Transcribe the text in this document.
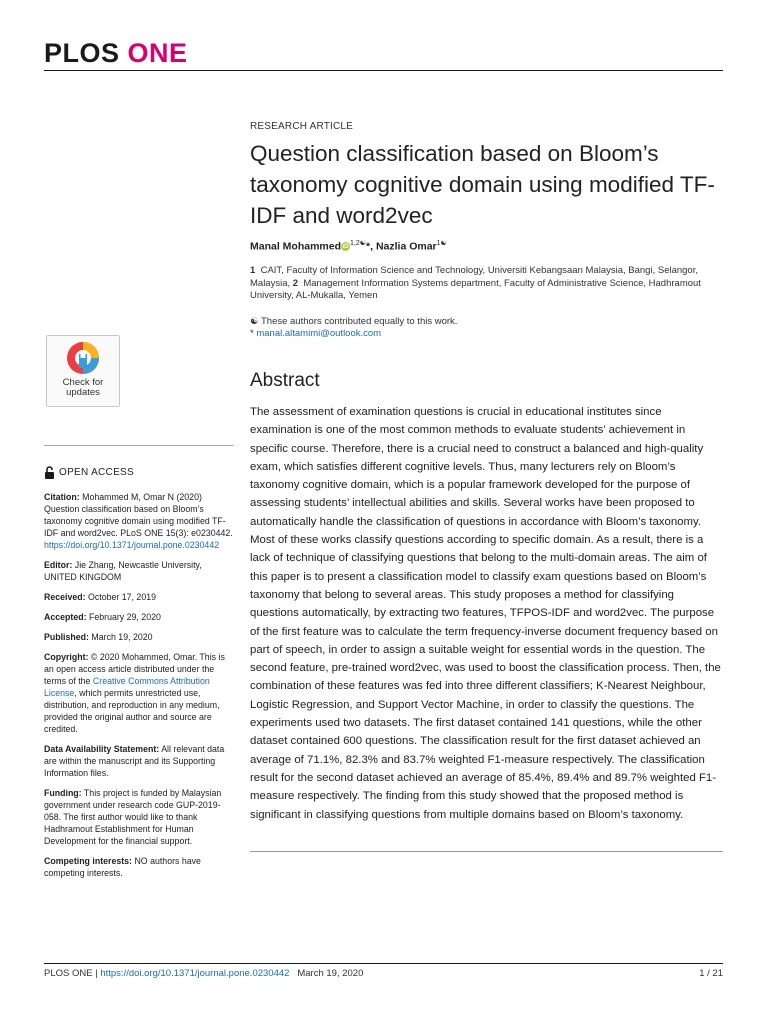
PLOS ONE
RESEARCH ARTICLE
Question classification based on Bloom’s taxonomy cognitive domain using modified TF-IDF and word2vec
Manal MohammediD$^{1,2☯}$*, Nazlia Omar$^{1☯}$
1 CAIT, Faculty of Information Science and Technology, Universiti Kebangsaan Malaysia, Bangi, Selangor, Malaysia, 2 Management Information Systems department, Faculty of Administrative Science, Hadhramout University, AL-Mukalla, Yemen
☯ These authors contributed equally to this work.
* manal.altamimi@outlook.com
Abstract
The assessment of examination questions is crucial in educational institutes since examination is one of the most common methods to evaluate students’ achievement in specific course. Therefore, there is a crucial need to construct a balanced and high-quality exam, which satisfies different cognitive levels. Thus, many lecturers rely on Bloom’s taxonomy cognitive domain, which is a popular framework developed for the purpose of assessing students’ intellectual abilities and skills. Several works have been proposed to automatically handle the classification of questions in accordance with Bloom’s taxonomy. Most of these works classify questions according to specific domain. As a result, there is a lack of technique of classifying questions that belong to the multi-domain areas. The aim of this paper is to present a classification model to classify exam questions based on Bloom’s taxonomy that belong to several areas. This study proposes a method for classifying questions automatically, by extracting two features, TFPOS-IDF and word2vec. The purpose of the first feature was to calculate the term frequency-inverse document frequency based on part of speech, in order to assign a suitable weight for essential words in the question. The second feature, pre-trained word2vec, was used to boost the classification process. Then, the combination of these features was fed into three different classifiers; K-Nearest Neighbour, Logistic Regression, and Support Vector Machine, in order to classify the questions. The experiments used two datasets. The first dataset contained 141 questions, while the other dataset contained 600 questions. The classification result for the first dataset achieved an average of 71.1%, 82.3% and 83.7% weighted F1-measure respectively. The classification result for the second dataset achieved an average of 85.4%, 89.4% and 89.7% weighted F1-measure respectively. The finding from this study showed that the proposed method is significant in classifying questions from multiple domains based on Bloom’s taxonomy.
Check for
updates

OPEN ACCESS

Citation: Mohammed M, Omar N (2020) Question classification based on Bloom’s taxonomy cognitive domain using modified TF-IDF and word2vec. PLoS ONE 15(3): e0230442. https://doi.org/10.1371/journal.pone.0230442

Editor: Jie Zhang, Newcastle University, UNITED KINGDOM

Received: October 17, 2019

Accepted: February 29, 2020

Published: March 19, 2020

Copyright: © 2020 Mohammed, Omar. This is an open access article distributed under the terms of the Creative Commons Attribution License, which permits unrestricted use, distribution, and reproduction in any medium, provided the original author and source are credited.

Data Availability Statement: All relevant data are within the manuscript and its Supporting Information files.

Funding: This project is funded by Malaysian government under research code GUP-2019-058. The first author would like to thank Hadhramout Establishment for Human Development for the financial support.

Competing interests: NO authors have competing interests.

PLOS ONE | https://doi.org/10.1371/journal.pone.0230442   March 19, 2020	1 / 21
